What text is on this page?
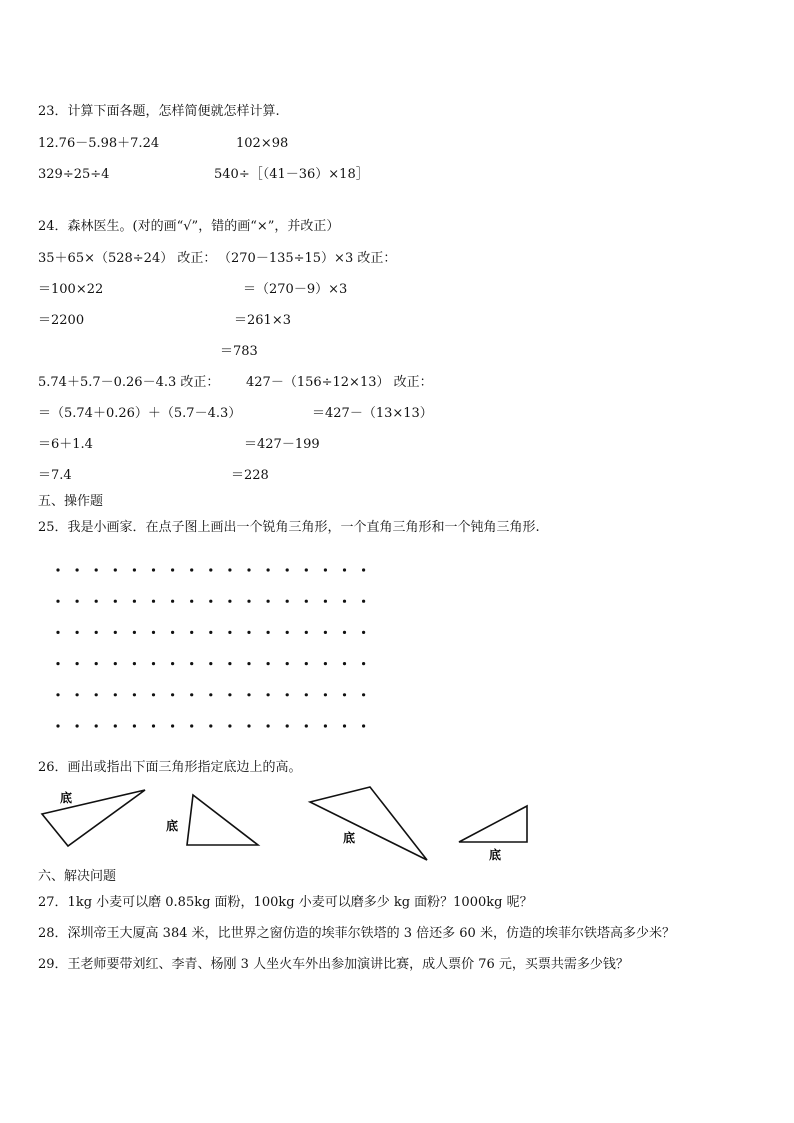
23．计算下面各题，怎样简便就怎样计算.
12.76－5.98＋7.24	102×98
329÷25÷4	540÷［（41－36）×18］
24．森林医生。(对的画“√”，错的画“×”，并改正）
35＋65×（528÷24） 改正： （270－135÷15）×3 改正：
＝100×22	＝（270－9）×3
＝2200	＝261×3
＝783
5.74＋5.7－0.26－4.3 改正： 427－（156÷12×13） 改正：
＝（5.74＋0.26）＋（5.7－4.3）	＝427－（13×13）
＝6＋1.4	＝427－199
＝7.4	＝228
五、操作题
25．我是小画家．在点子图上画出一个锐角三角形，一个直角三角形和一个钝角三角形.
26．画出或指出下面三角形指定底边上的高。
底
底
底
底
六、解决问题
27．1kg 小麦可以磨 0.85kg 面粉，100kg 小麦可以磨多少 kg 面粉？1000kg 呢？
28．深圳帝王大厦高 384 米，比世界之窗仿造的埃菲尔铁塔的 3 倍还多 60 米，仿造的埃菲尔铁塔高多少米？
29．王老师要带刘红、李青、杨刚 3 人坐火车外出参加演讲比赛，成人票价 76 元，买票共需多少钱？
